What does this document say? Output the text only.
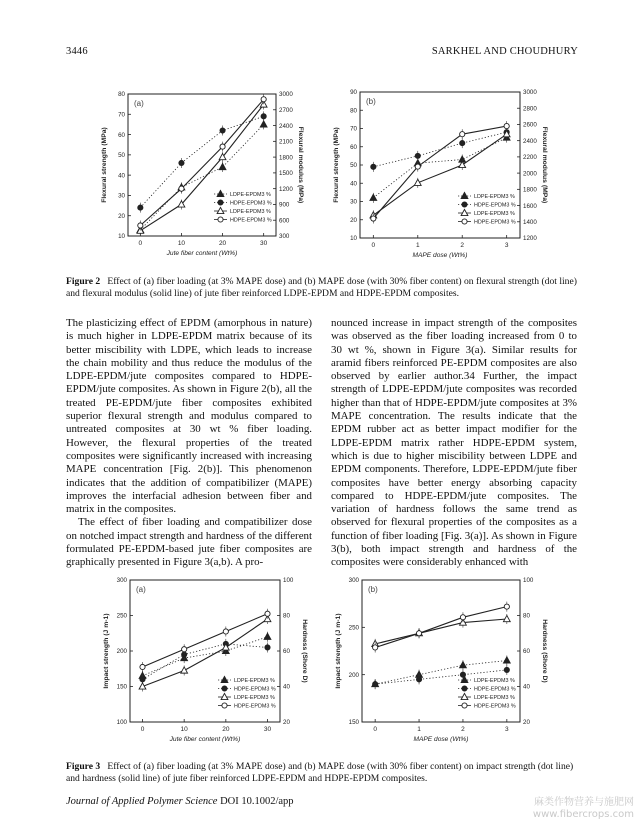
3446	SARKHEL AND CHOUDHURY
(a)
0	10	20	30
10
20
30
40
50
60
70
80
300
600
900
1200
1500
1800
2100
2400
2700
3000
Jute fiber content (Wt%)
Flexural strength (MPa)	Flexural modulus (MPa)
LDPE-EPDM3 %
HDPE-EPDM3 %
LDPE-EPDM3 %
HDPE-EPDM3 %
(b)
0	1	2	3
10
20
30
40
50
60
70
80
90
1200
1400
1600
1800
2000
2200
2400
2600
2800
3000
MAPE dose (Wt%)
Flexural strength (MPa)	Flexural modulus (MPa)
LDPE-EPDM3 %
HDPE-EPDM3 %
LDPE-EPDM3 %
HDPE-EPDM3 %
Figure 2 Effect of (a) fiber loading (at 3% MAPE dose) and (b) MAPE dose (with 30% fiber content) on flexural strength (dot line) and flexural modulus (solid line) of jute fiber reinforced LDPE-EPDM and HDPE-EPDM composites.

The plasticizing effect of EPDM (amorphous in nature) is much higher in LDPE-EPDM matrix because of its better miscibility with LDPE, which leads to increase the chain mobility and thus reduce the modulus of the LDPE-EPDM/jute composites compared to HDPE-EPDM/jute composites. As shown in Figure 2(b), all the treated PE-EPDM/jute fiber composites exhibited superior flexural strength and modulus compared to untreated composites at 30 wt % fiber loading. However, the flexural properties of the treated composites were significantly increased with increasing MAPE concentration [Fig. 2(b)]. This phenomenon indicates that the addition of compatibilizer (MAPE) improves the interfacial adhesion between fiber and matrix in the composites.

The effect of fiber loading and compatibilizer dose on notched impact strength and hardness of the different formulated PE-EPDM-based jute fiber composites are graphically presented in Figure 3(a,b). A pro-

nounced increase in impact strength of the composites was observed as the fiber loading increased from 0 to 30 wt %, shown in Figure 3(a). Similar results for aramid fibers reinforced PE-EPDM composites are also observed by earlier author.34 Further, the impact strength of LDPE-EPDM/jute composites was recorded higher than that of HDPE-EPDM/jute composites at 3% MAPE concentration. The results indicate that the EPDM rubber act as better impact modifier for the LDPE-EPDM matrix rather HDPE-EPDM system, which is due to higher miscibility between LDPE and EPDM components. Therefore, LDPE-EPDM/jute fiber composites have better energy absorbing capacity compared to HDPE-EPDM/jute composites. The variation of hardness follows the same trend as observed for flexural properties of the composites as a function of fiber loading [Fig. 3(a)]. As shown in Figure 3(b), both impact strength and hardness of the composites were considerably enhanced with

(a)
0	10	20	30
100
150
200
250
300
20
40
60
80
100
Jute fiber content (Wt%)
Impact strength (J m-1)	Hardness (Shore D)
LDPE-EPDM3 %
HDPE-EPDM3 %
LDPE-EPDM3 %
HDPE-EPDM3 %
(b)
0	1	2	3
150
200
250
300
20
40
60
80
100
MAPE dose (Wt%)
Impact strength (J m-1)	Hardness (Shore D)
LDPE-EPDM3 %
HDPE-EPDM3 %
LDPE-EPDM3 %
HDPE-EPDM3 %
Figure 3 Effect of (a) fiber loading (at 3% MAPE dose) and (b) MAPE dose (with 30% fiber content) on impact strength (dot line) and hardness (solid line) of jute fiber reinforced LDPE-EPDM and HDPE-EPDM composites.
Journal of Applied Polymer Science DOI 10.1002/app	麻类作物营养与施肥网
www.fibercrops.com
